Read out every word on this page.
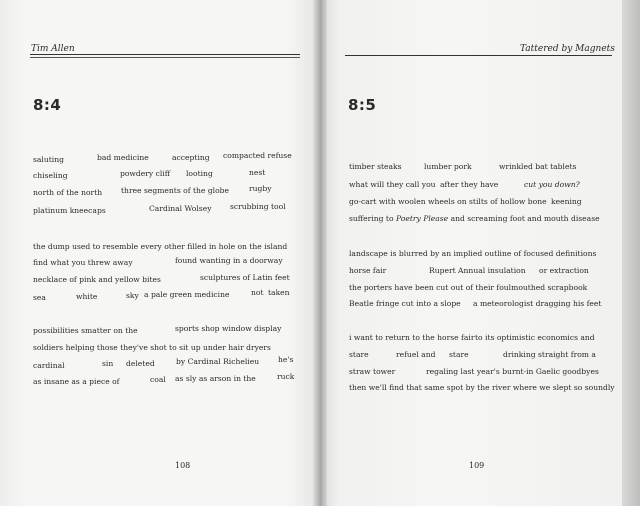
Tim Allen
8:4
saluting	bad medicine	accepting compacted refuse
chiseling	powdery cliff looting	nest
north of the north three segments of the globe	rugby
platinum kneecaps	Cardinal Wolsey scrubbing tool
the dump used to resemble every other filled in hole on the island
find what you threw away	found wanting in a doorway
necklace of pink and yellow bites	sculptures of Latin feet
sea	white	sky a pale green medicine	not taken
possibilities smatter on the	sports shop window display
soldiers helping those they've shot to sit up under hair dryers
cardinal	sin deleted	by Cardinal Richelieu he's
as insane as a piece of	coal as sly as arson in the	ruck
108
Tattered by Magnets
8:5
timber steaks	lumber pork	wrinkled bat tablets
what will they call you after they have	cut you down?
go-cart with woolen wheels on stilts of hollow bone keening
suffering to Poetry Please and screaming foot and mouth disease
landscape is blurred by an implied outline of focused definitions
horse fair	Rupert Annual insulation or extraction
the porters have been cut out of their foulmouthed scrapbook
Beatle fringe cut into a slope a meteorologist dragging his feet
i want to return to the horse fair to its optimistic economics and
stare	refuel and stare	drinking straight from a
straw tower	regaling last year's burnt-in Gaelic goodbyes
then we'll find that same spot by the river where we slept so soundly
109
